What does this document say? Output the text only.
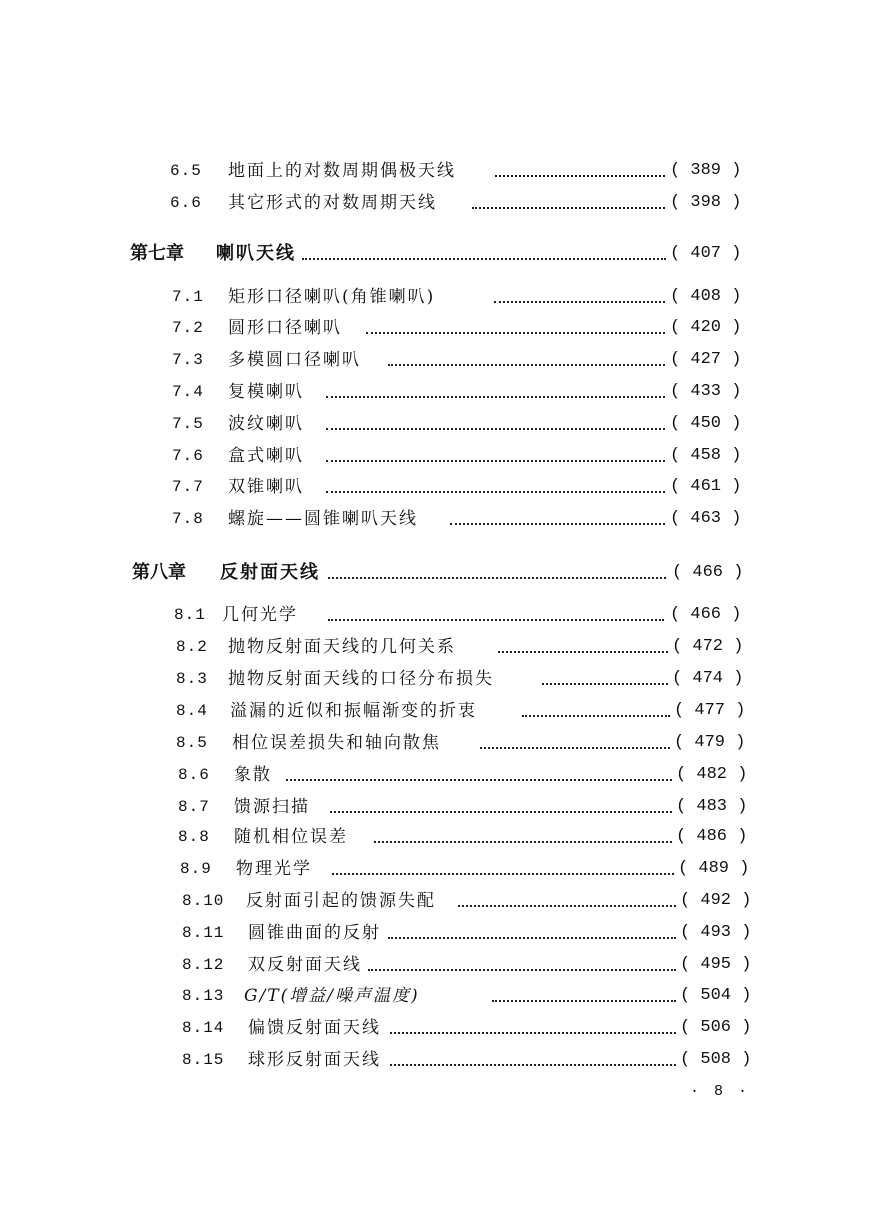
6.5 地面上的对数周期偶极天线	( 389 )
6.6 其它形式的对数周期天线	( 398 )
第七章 喇叭天线	( 407 )
7.1 矩形口径喇叭(角锥喇叭)	( 408 )
7.2 圆形口径喇叭	( 420 )
7.3 多模圆口径喇叭	( 427 )
7.4 复模喇叭	( 433 )
7.5 波纹喇叭	( 450 )
7.6 盒式喇叭	( 458 )
7.7 双锥喇叭	( 461 )
7.8 螺旋——圆锥喇叭天线	( 463 )
第八章 反射面天线	( 466 )
8.1 几何光学	( 466 )
8.2 抛物反射面天线的几何关系	( 472 )
8.3 抛物反射面天线的口径分布损失	( 474 )
8.4 溢漏的近似和振幅渐变的折衷	( 477 )
8.5 相位误差损失和轴向散焦	( 479 )
8.6 象散	( 482 )
8.7 馈源扫描	( 483 )
8.8 随机相位误差	( 486 )
8.9 物理光学	( 489 )
8.10 反射面引起的馈源失配	( 492 )
8.11 圆锥曲面的反射	( 493 )
8.12 双反射面天线	( 495 )
8.13 G/T(增益/噪声温度)	( 504 )
8.14 偏馈反射面天线	( 506 )
8.15 球形反射面天线	( 508 )
· 8 ·
